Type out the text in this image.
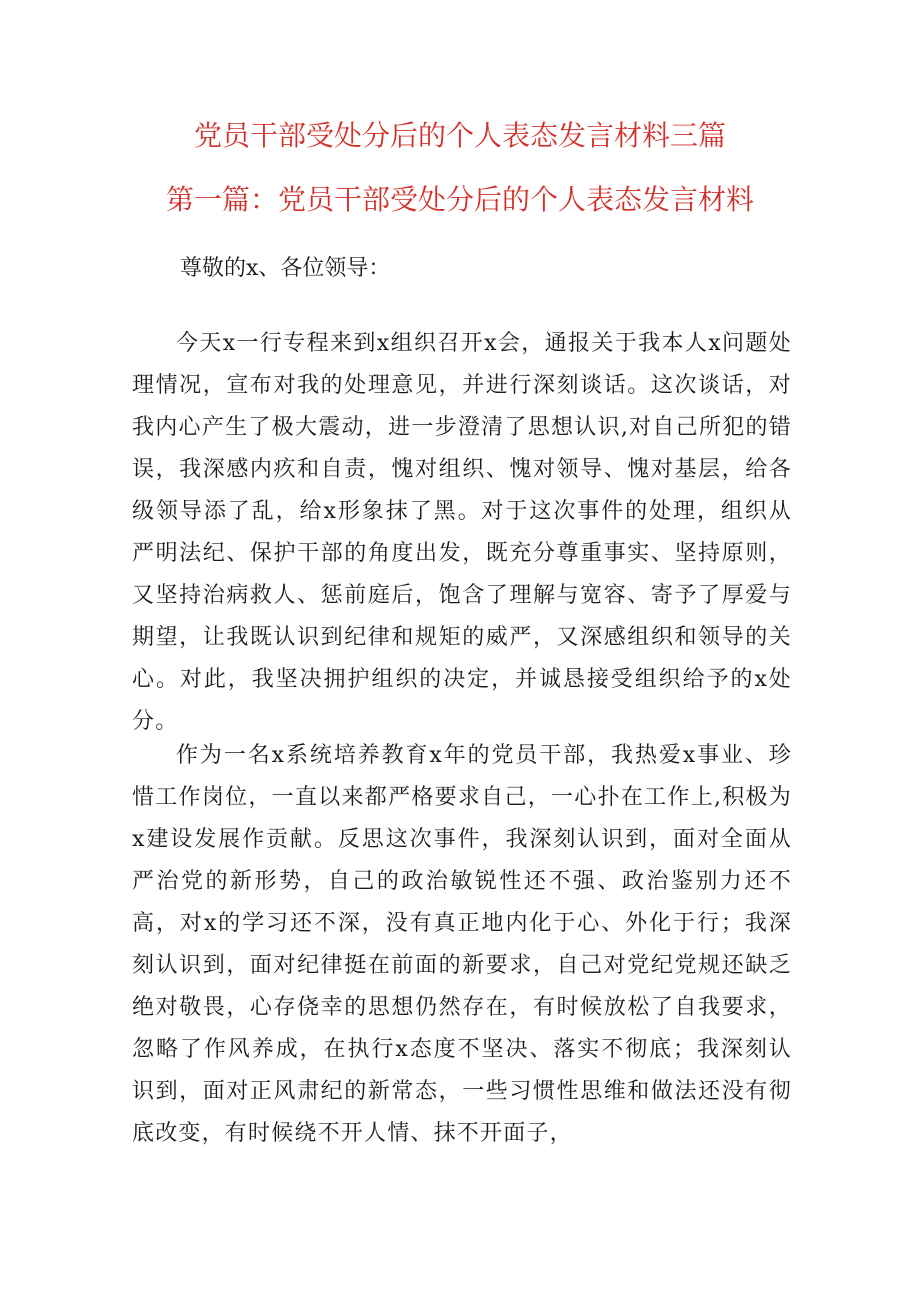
党员干部受处分后的个人表态发言材料三篇
第一篇：党员干部受处分后的个人表态发言材料

尊敬的x、各位领导：

今天x一行专程来到x组织召开x会，通报关于我本人x问题处理情况，宣布对我的处理意见，并进行深刻谈话。这次谈话，对我内心产生了极大震动，进一步澄清了思想认识,对自己所犯的错误，我深感内疚和自责，愧对组织、愧对领导、愧对基层，给各级领导添了乱，给x形象抹了黑。对于这次事件的处理，组织从严明法纪、保护干部的角度出发，既充分尊重事实、坚持原则，又坚持治病救人、惩前庭后，饱含了理解与宽容、寄予了厚爱与期望，让我既认识到纪律和规矩的威严，又深感组织和领导的关心。对此，我坚决拥护组织的决定，并诚恳接受组织给予的x处分。

作为一名x系统培养教育x年的党员干部，我热爱x事业、珍惜工作岗位，一直以来都严格要求自己，一心扑在工作上,积极为x建设发展作贡献。反思这次事件，我深刻认识到，面对全面从严治党的新形势，自己的政治敏锐性还不强、政治鉴别力还不高，对x的学习还不深，没有真正地内化于心、外化于行；我深刻认识到，面对纪律挺在前面的新要求，自己对党纪党规还缺乏绝对敬畏，心存侥幸的思想仍然存在，有时候放松了自我要求，忽略了作风养成，在执行x态度不坚决、落实不彻底；我深刻认识到，面对正风肃纪的新常态，一些习惯性思维和做法还没有彻底改变，有时候绕不开人情、抹不开面子，
